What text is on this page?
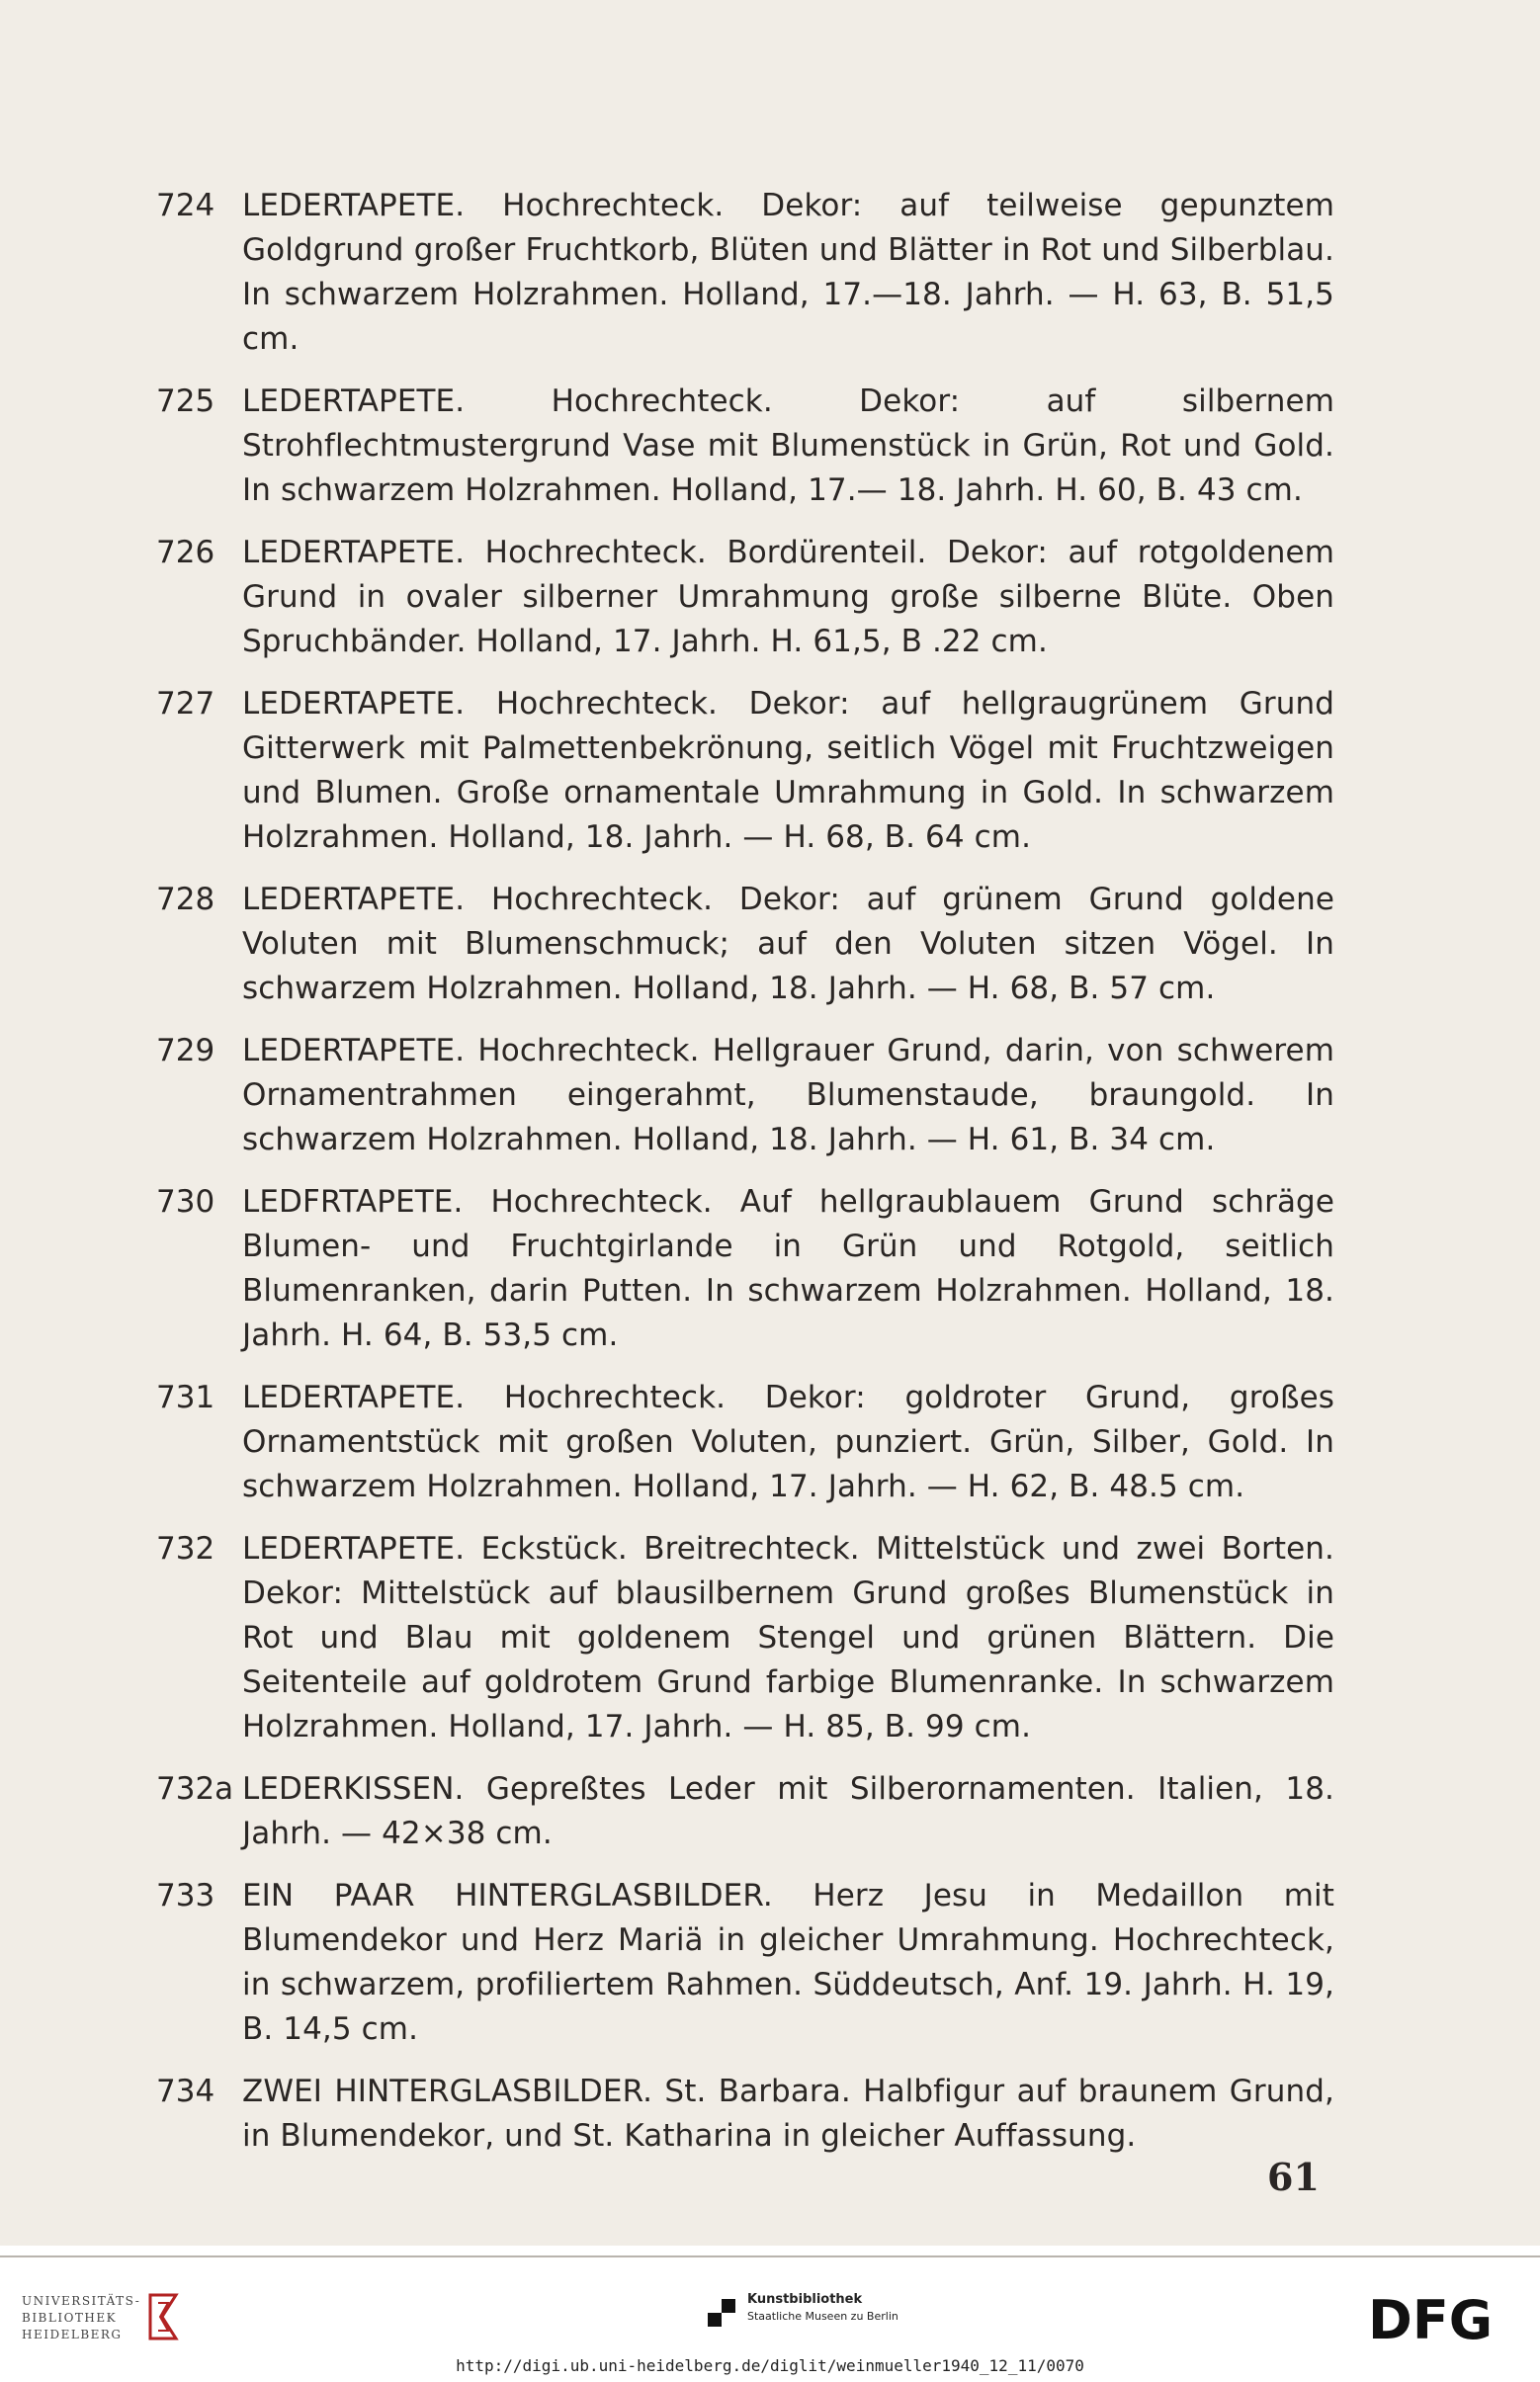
724 LEDERTAPETE. Hochrechteck. Dekor: auf teilweise gepunztem Goldgrund großer Fruchtkorb, Blüten und Blätter in Rot und Silberblau. In schwarzem Holzrahmen. Holland, 17.—18. Jahrh. — H. 63, B. 51,5 cm.
725 LEDERTAPETE. Hochrechteck. Dekor: auf silbernem Strohflechtmustergrund Vase mit Blumenstück in Grün, Rot und Gold. In schwarzem Holzrahmen. Holland, 17.— 18. Jahrh. H. 60, B. 43 cm.
726 LEDERTAPETE. Hochrechteck. Bordürenteil. Dekor: auf rotgoldenem Grund in ovaler silberner Umrahmung große silberne Blüte. Oben Spruchbänder. Holland, 17. Jahrh. H. 61,5, B .22 cm.
727 LEDERTAPETE. Hochrechteck. Dekor: auf hellgraugrünem Grund Gitterwerk mit Palmettenbekrönung, seitlich Vögel mit Fruchtzweigen und Blumen. Große ornamentale Umrahmung in Gold. In schwarzem Holzrahmen. Holland, 18. Jahrh. — H. 68, B. 64 cm.
728 LEDERTAPETE. Hochrechteck. Dekor: auf grünem Grund goldene Voluten mit Blumenschmuck; auf den Voluten sitzen Vögel. In schwarzem Holzrahmen. Holland, 18. Jahrh. — H. 68, B. 57 cm.
729 LEDERTAPETE. Hochrechteck. Hellgrauer Grund, darin, von schwerem Ornamentrahmen eingerahmt, Blumenstaude, braungold. In schwarzem Holzrahmen. Holland, 18. Jahrh. — H. 61, B. 34 cm.
730 LEDFRTAPETE. Hochrechteck. Auf hellgraublauem Grund schräge Blumen- und Fruchtgirlande in Grün und Rotgold, seitlich Blumenranken, darin Putten. In schwarzem Holzrahmen. Holland, 18. Jahrh. H. 64, B. 53,5 cm.
731 LEDERTAPETE. Hochrechteck. Dekor: goldroter Grund, großes Ornamentstück mit großen Voluten, punziert. Grün, Silber, Gold. In schwarzem Holzrahmen. Holland, 17. Jahrh. — H. 62, B. 48.5 cm.
732 LEDERTAPETE. Eckstück. Breitrechteck. Mittelstück und zwei Borten. Dekor: Mittelstück auf blausilbernem Grund großes Blumenstück in Rot und Blau mit goldenem Stengel und grünen Blättern. Die Seitenteile auf goldrotem Grund farbige Blumenranke. In schwarzem Holzrahmen. Holland, 17. Jahrh. — H. 85, B. 99 cm.
732a LEDERKISSEN. Gepreßtes Leder mit Silberornamenten. Italien, 18. Jahrh. — 42×38 cm.
733 EIN PAAR HINTERGLASBILDER. Herz Jesu in Medaillon mit Blumendekor und Herz Mariä in gleicher Umrahmung. Hochrechteck, in schwarzem, profiliertem Rahmen. Süddeutsch, Anf. 19. Jahrh. H. 19, B. 14,5 cm.
734 ZWEI HINTERGLASBILDER. St. Barbara. Halbfigur auf braunem Grund, in Blumendekor, und St. Katharina in gleicher Auffassung.
61
UNIVERSITÄTS-
BIBLIOTHEK
HEIDELBERG
Kunstbibliothek
Staatliche Museen zu Berlin	DFG
http://digi.ub.uni-heidelberg.de/diglit/weinmueller1940_12_11/0070
